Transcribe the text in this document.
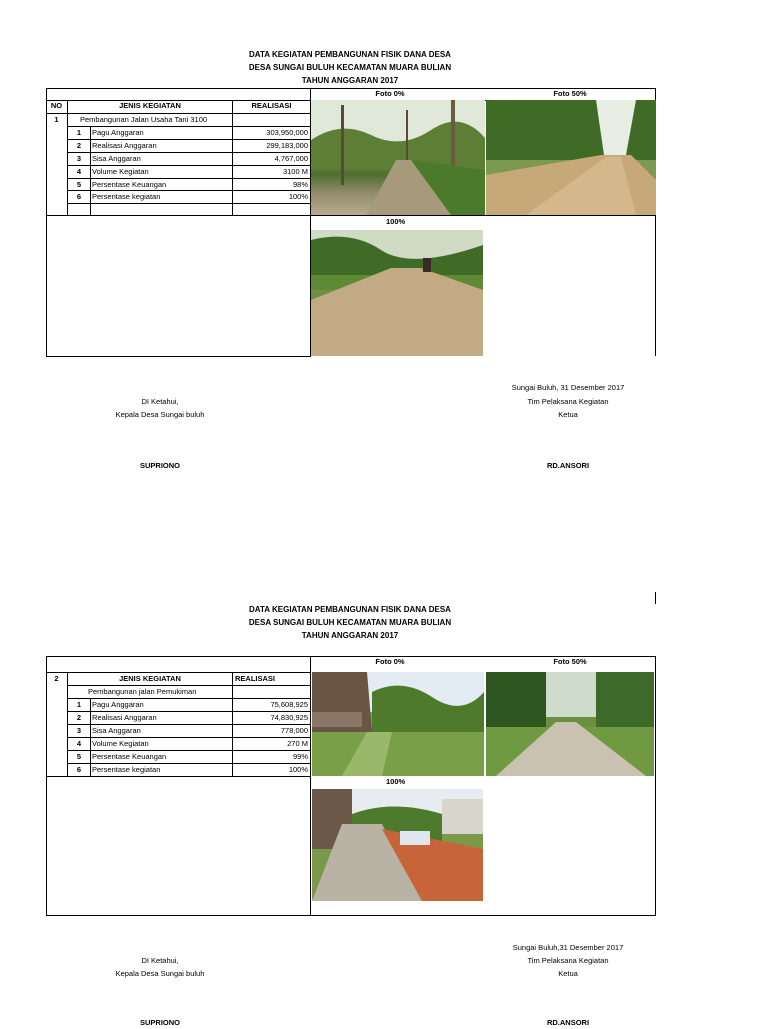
DATA KEGIATAN PEMBANGUNAN FISIK DANA DESA
DESA SUNGAI BULUH KECAMATAN MUARA BULIAN
TAHUN ANGGARAN 2017
NO	JENIS KEGIATAN	REALISASI
Foto 0%	Foto 50%
1	Pembangunan Jalan Usaha Tani 3100
1	Pagu Anggaran	303,950,000
2	Realisasi Anggaran	299,183,000
3	Sisa Anggaran	4,767,000
4	Volume Kegiatan	3100 M
5	Persentase Keuangan	98%
6	Persentase kegiatan	100%
100%
Sungai Buluh, 31 Desember 2017
DI Ketahui,	Tim Pelaksana Kegiatan
Kepala Desa Sungai buluh	Ketua
SUPRIONO	RD.ANSORI
DATA KEGIATAN PEMBANGUNAN FISIK DANA DESA
DESA SUNGAI BULUH KECAMATAN MUARA BULIAN
TAHUN ANGGARAN 2017
2	JENIS KEGIATAN	REALISASI
Foto 0%	Foto 50%
Pembangunan jalan Pemukiman
1	Pagu Anggaran	75,608,925
2	Realisasi Anggaran	74,830,925
3	Sisa Anggaran	778,000
4	Volume Kegiatan	270 M
5	Persentase Keuangan	99%
6	Persentase kegiatan	100%
100%
Sungai Buluh,31 Desember 2017
DI Ketahui,	Tim Pelaksana Kegiatan
Kepala Desa Sungai buluh	Ketua
SUPRIONO	RD.ANSORI
